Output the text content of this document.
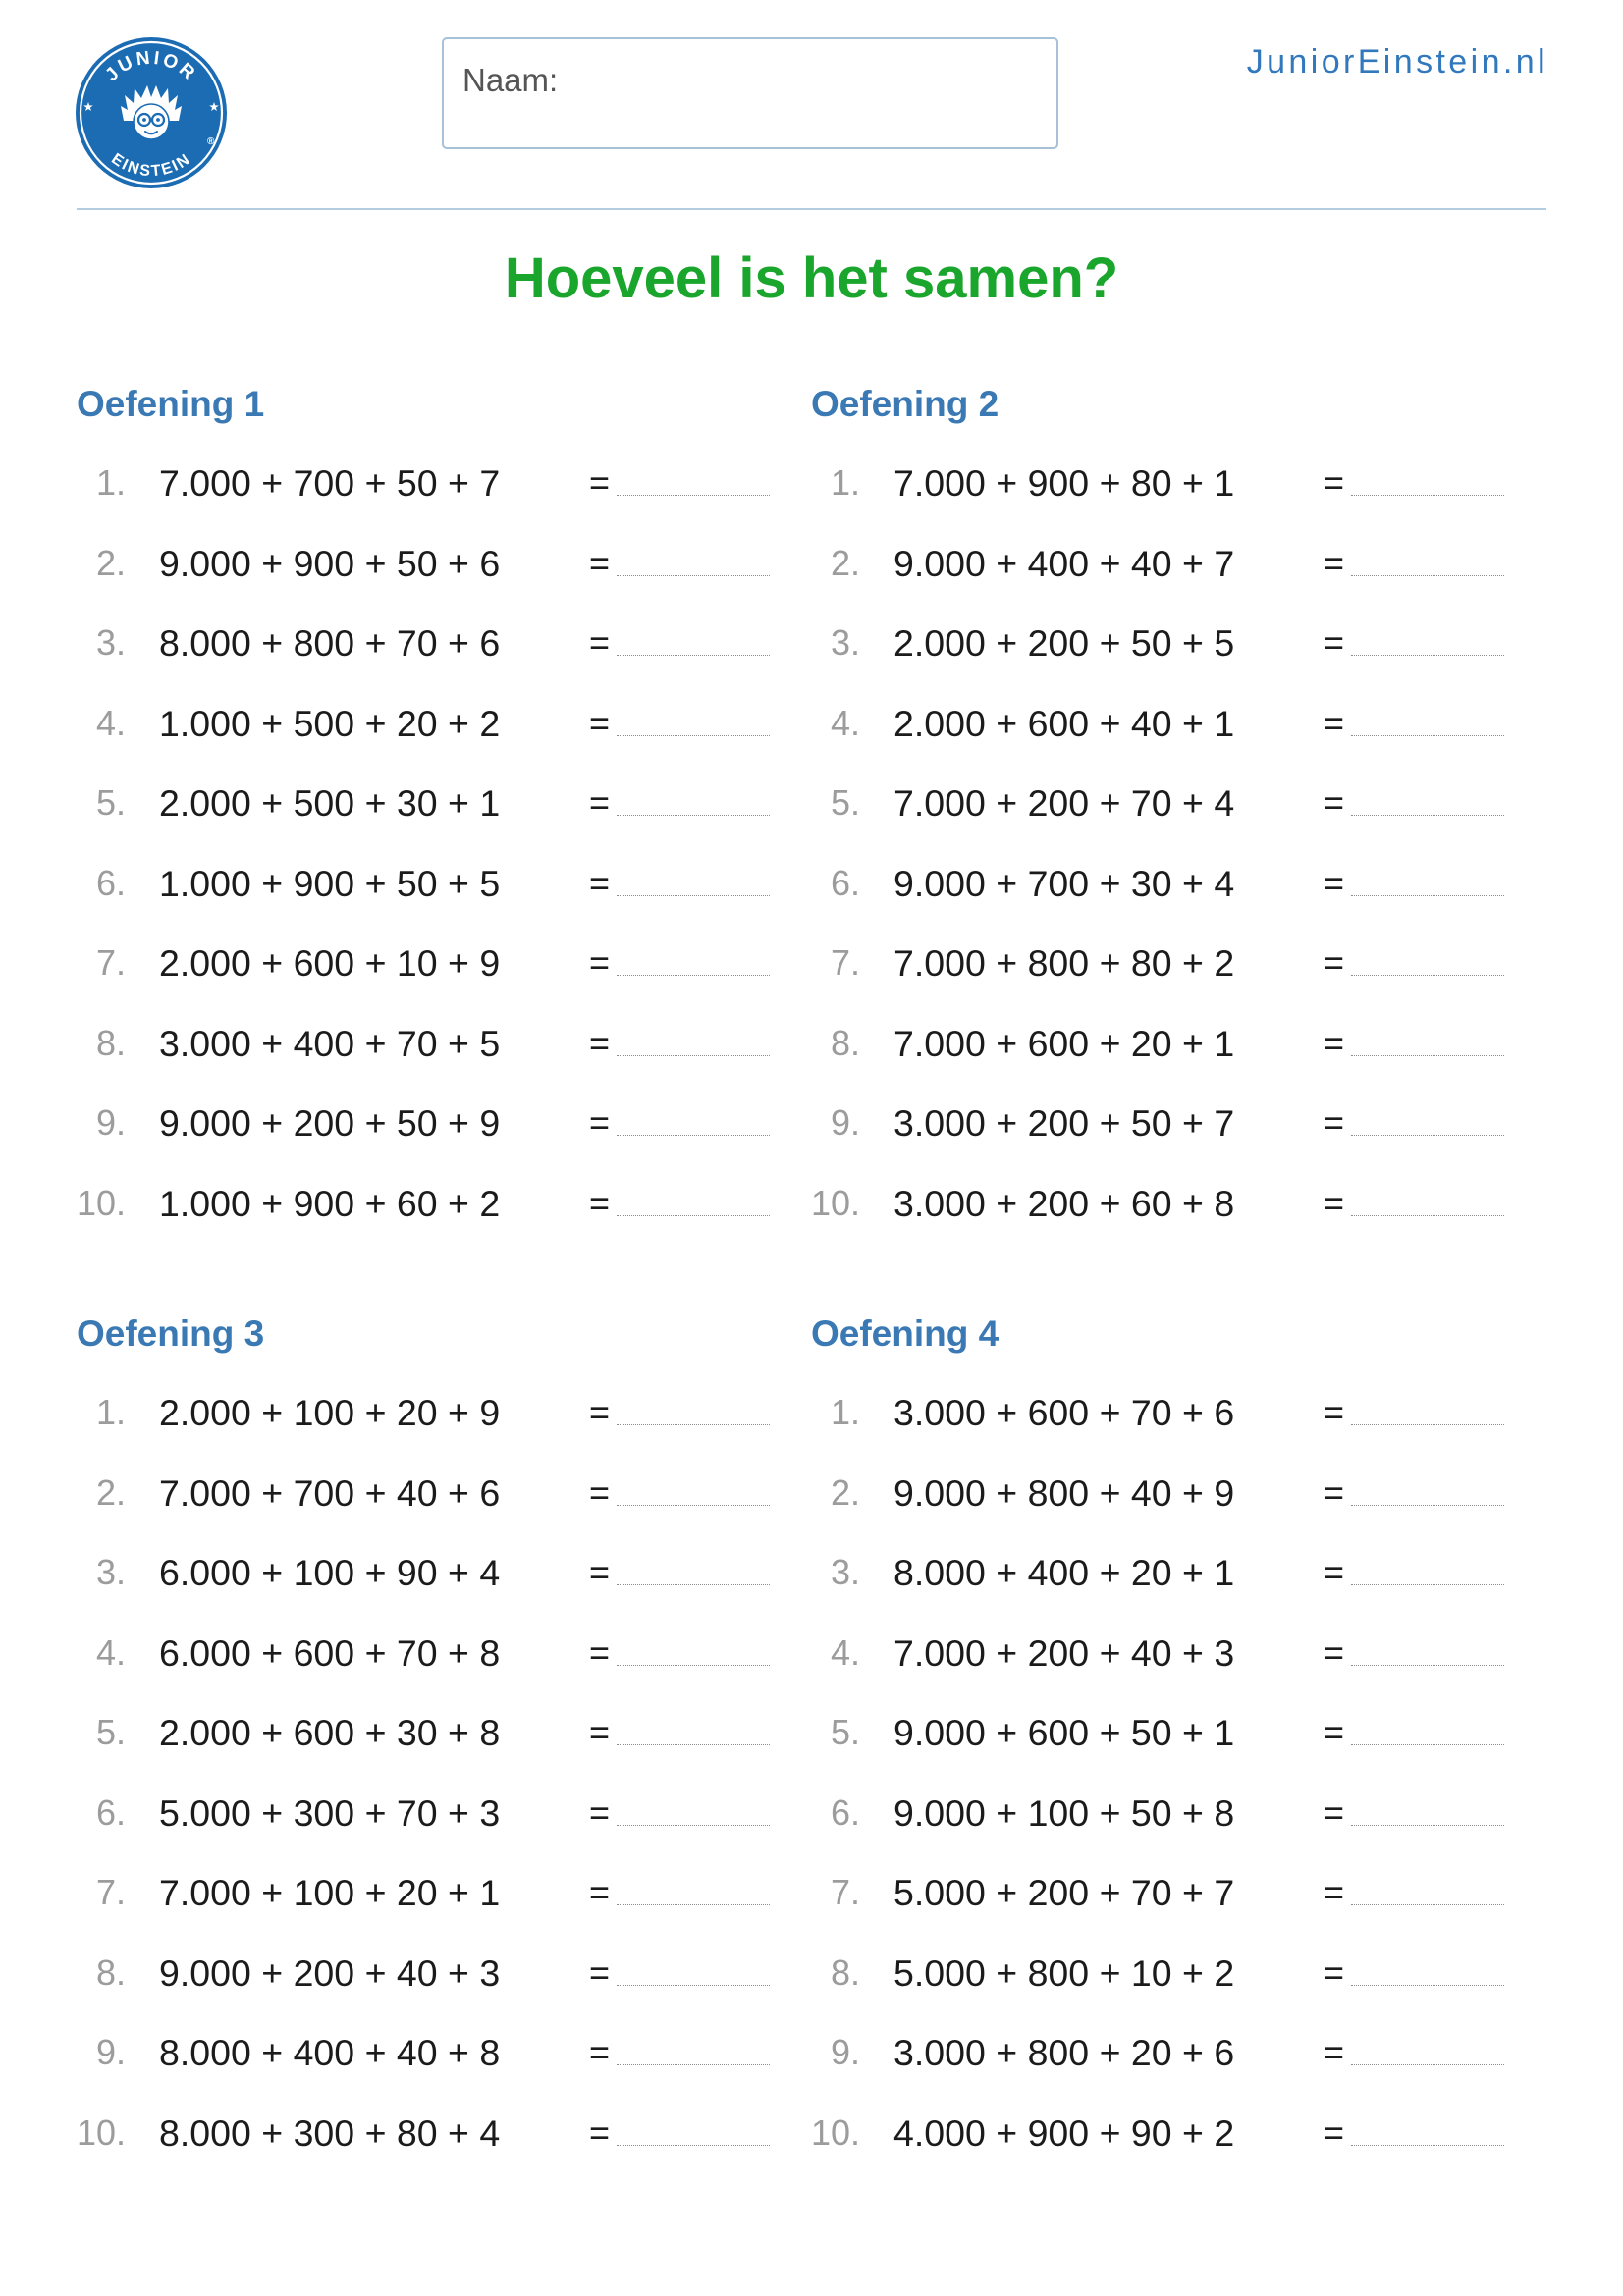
JUNIOR
EINSTEIN
®
Naam:	JuniorEinstein.nl
Hoeveel is het samen?
Oefening 1
1. 7.000 + 700 + 50 + 7	=
2. 9.000 + 900 + 50 + 6	=
3. 8.000 + 800 + 70 + 6	=
4. 1.000 + 500 + 20 + 2	=
5. 2.000 + 500 + 30 + 1	=
6. 1.000 + 900 + 50 + 5	=
7. 2.000 + 600 + 10 + 9	=
8. 3.000 + 400 + 70 + 5	=
9. 9.000 + 200 + 50 + 9	=
10. 1.000 + 900 + 60 + 2	=
Oefening 2
1. 7.000 + 900 + 80 + 1	=
2. 9.000 + 400 + 40 + 7	=
3. 2.000 + 200 + 50 + 5	=
4. 2.000 + 600 + 40 + 1	=
5. 7.000 + 200 + 70 + 4	=
6. 9.000 + 700 + 30 + 4	=
7. 7.000 + 800 + 80 + 2	=
8. 7.000 + 600 + 20 + 1	=
9. 3.000 + 200 + 50 + 7	=
10. 3.000 + 200 + 60 + 8	=
Oefening 3
1. 2.000 + 100 + 20 + 9	=
2. 7.000 + 700 + 40 + 6	=
3. 6.000 + 100 + 90 + 4	=
4. 6.000 + 600 + 70 + 8	=
5. 2.000 + 600 + 30 + 8	=
6. 5.000 + 300 + 70 + 3	=
7. 7.000 + 100 + 20 + 1	=
8. 9.000 + 200 + 40 + 3	=
9. 8.000 + 400 + 40 + 8	=
10. 8.000 + 300 + 80 + 4	=
Oefening 4
1. 3.000 + 600 + 70 + 6	=
2. 9.000 + 800 + 40 + 9	=
3. 8.000 + 400 + 20 + 1	=
4. 7.000 + 200 + 40 + 3	=
5. 9.000 + 600 + 50 + 1	=
6. 9.000 + 100 + 50 + 8	=
7. 5.000 + 200 + 70 + 7	=
8. 5.000 + 800 + 10 + 2	=
9. 3.000 + 800 + 20 + 6	=
10. 4.000 + 900 + 90 + 2	=
